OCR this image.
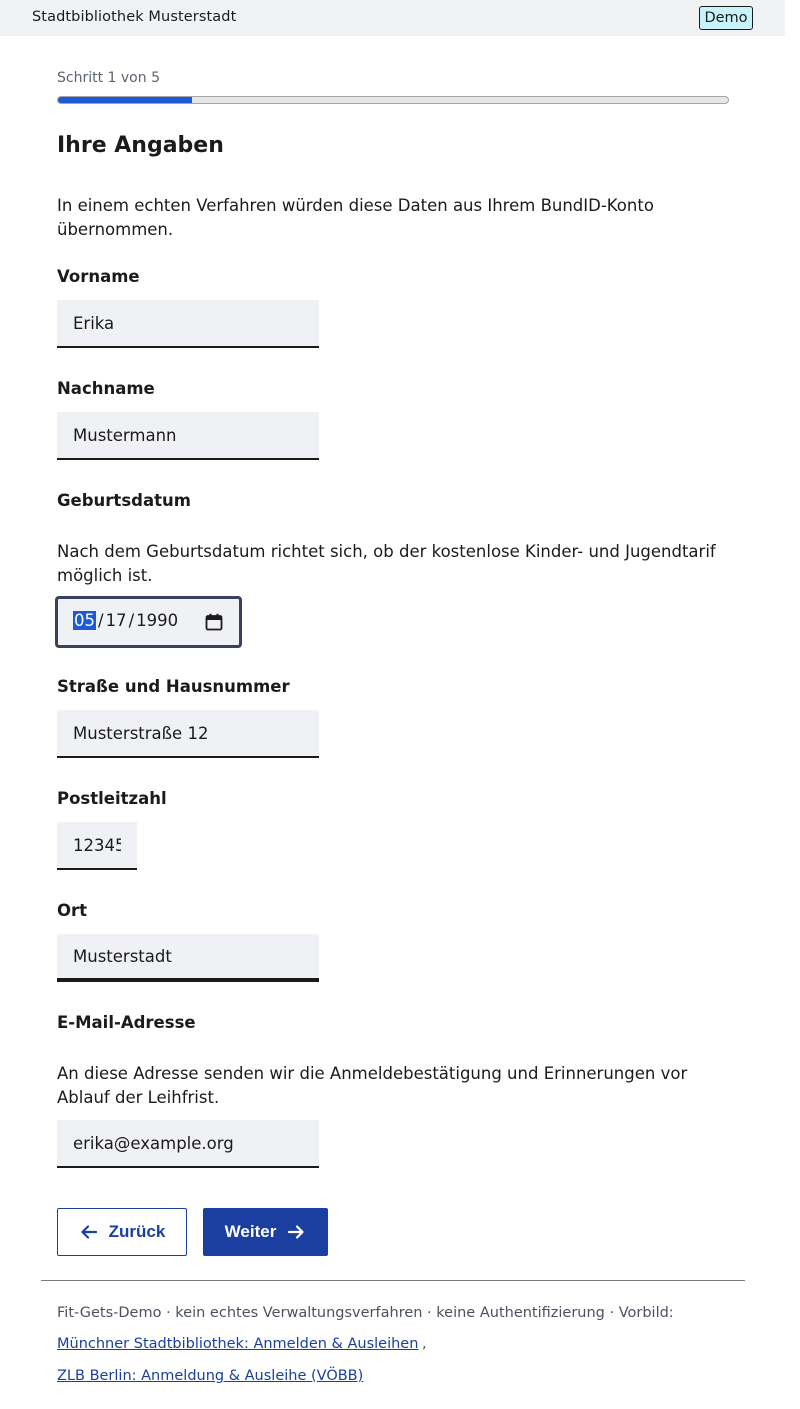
Stadtbibliothek Musterstadt	Demo
Schritt 1 von 5
Ihre Angaben

In einem echten Verfahren würden diese Daten aus Ihrem BundID-Konto übernommen.

Vorname
Erika
Nachname
Mustermann
Geburtsdatum

Nach dem Geburtsdatum richtet sich, ob der kostenlose Kinder- und Jugendtarif möglich ist.

05 / 17 / 1990
Straße und Hausnummer
Musterstraße 12
Postleitzahl
12345
Ort
Musterstadt
E-Mail-Adresse

An diese Adresse senden wir die Anmeldebestätigung und Erinnerungen vor Ablauf der Leihfrist.

erika@example.org
Zurück	Weiter
Fit-Gets-Demo · kein echtes Verwaltungsverfahren · keine Authentifizierung · Vorbild:
Münchner Stadtbibliothek: Anmelden & Ausleihen ,
ZLB Berlin: Anmeldung & Ausleihe (VÖBB)
